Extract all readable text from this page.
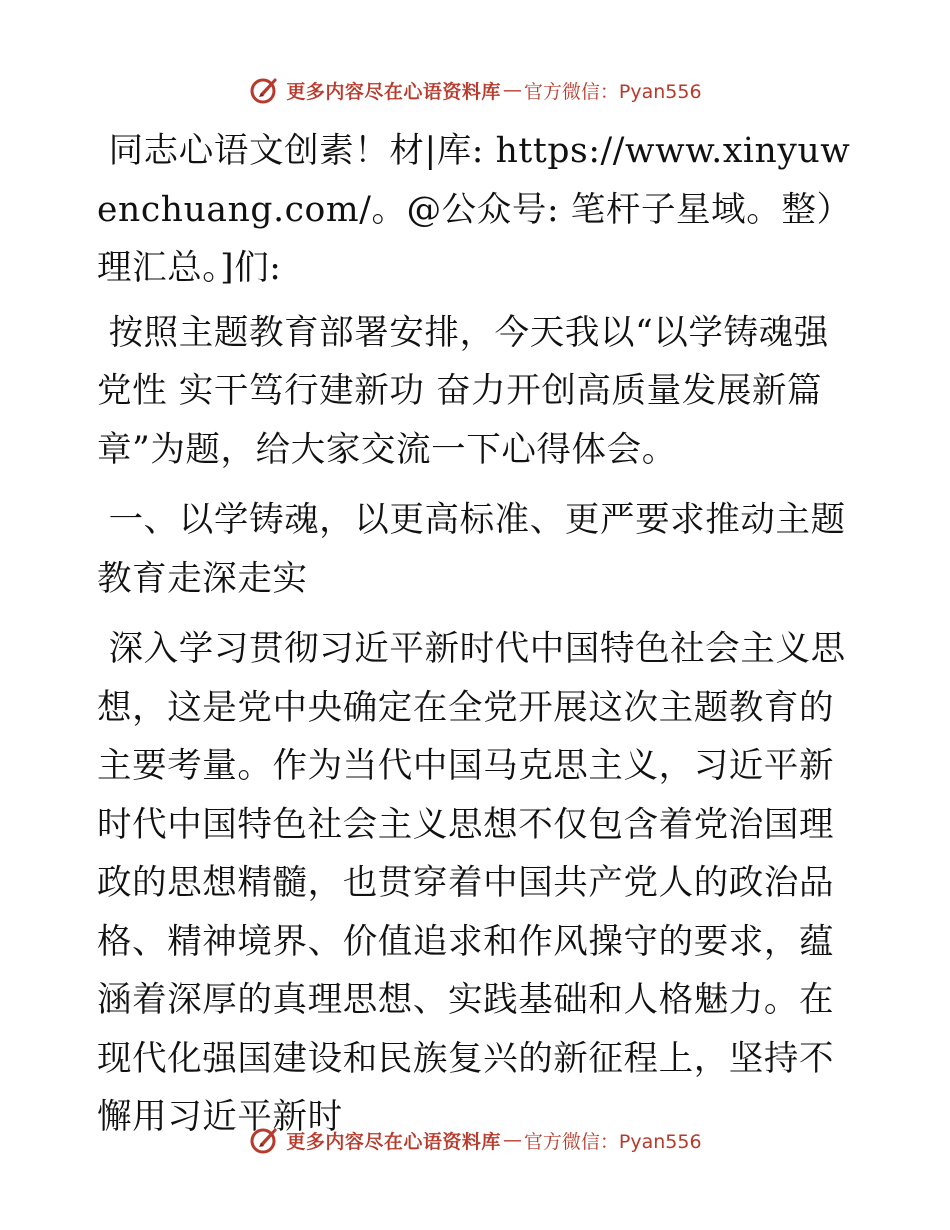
更多内容尽在心语资料库 — 官方微信：Pyan556

同志心语文创素！材|库: https://www.xinyuwenchuang.com/。@公众号: 笔杆子星域。整）理汇总。]们:

按照主题教育部署安排，今天我以“以学铸魂强党性 实干笃行建新功 奋力开创高质量发展新篇章”为题，给大家交流一下心得体会。

一、以学铸魂，以更高标准、更严要求推动主题教育走深走实

深入学习贯彻习近平新时代中国特色社会主义思想，这是党中央确定在全党开展这次主题教育的主要考量。作为当代中国马克思主义，习近平新时代中国特色社会主义思想不仅包含着党治国理政的思想精髓，也贯穿着中国共产党人的政治品格、精神境界、价值追求和作风操守的要求，蕴涵着深厚的真理思想、实践基础和人格魅力。在现代化强国建设和民族复兴的新征程上，坚持不懈用习近平新时

更多内容尽在心语资料库 — 官方微信：Pyan556
